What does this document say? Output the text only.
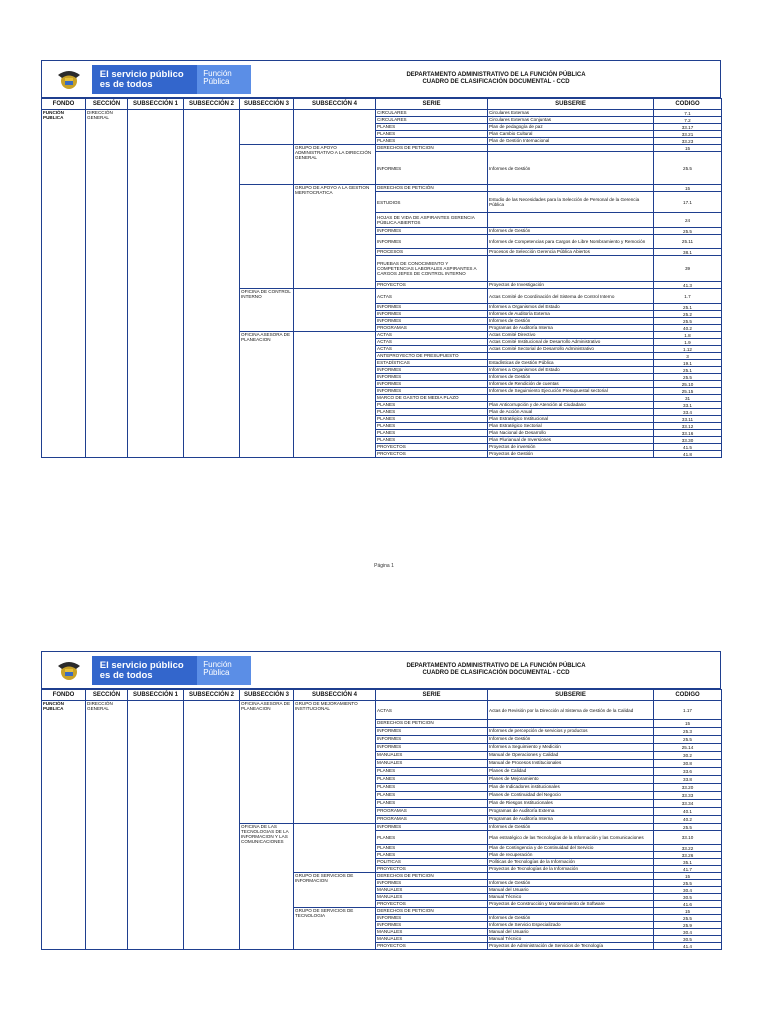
El servicio público
es de todos
Función
Pública
DEPARTAMENTO ADMINISTRATIVO DE LA FUNCIÓN PÚBLICA
CUADRO DE CLASIFICACIÓN DOCUMENTAL - CCD
FONDO	SECCIÓN	SUBSECCIÓN 1	SUBSECCIÓN 2	SUBSECCIÓN 3	SUBSECCIÓN 4	SERIE	SUBSERIE	CODIGO
FUNCIÓN PUBLICA	DIRECCIÓN GENERAL					CIRCULARES	Circulares Externas	7.1
						CIRCULARES	Circulares Externas Conjuntas	7.2
						PLANES	Plan de pedagogía de paz	33.17
						PLANES	Plan Cambio Cultural	33.21
						PLANES	Plan de Gestión Internacional	33.23
					GRUPO DE APOYO ADMINISTRATIVO A LA DIRECCIÓN GENERAL	DERECHOS DE PETICION		15
						INFORMES	Informes de Gestión	25.5
					GRUPO DE APOYO A LA GESTION MERITOCRATICA	DERECHOS DE PETICIÓN		15
						ESTUDIOS	Estudio de las Necesidades para la Selección de Personal de la Gerencia Pública	17.1
						HOJAS DE VIDA DE ASPIRANTES GERENCIA PÚBLICA ABIERTOS		24
						INFORMES	Informes de Gestión	25.5
						INFORMES	Informes de Competencias para Cargos de Libre Nombramiento y Remoción	25.11
						PROCESOS	Procesos de Selección Gerencia Pública Abiertos	38.1
						PRUEBAS DE CONOCIMIENTO Y COMPETENCIAS LABORALES ASPIRANTES A CARGOS JEFES DE CONTROL INTERNO		39
						PROYECTOS	Proyectos de Investigación	41.3
				OFICINA DE CONTROL INTERNO		ACTAS	Actas Comité de Coordinación del Sistema de Control Interno	1.7
						INFORMES	Informes a Organismos del Estado	25.1
						INFORMES	Informes de Auditoría Externa	25.2
						INFORMES	Informes de Gestión	25.5
						PROGRAMAS	Programas de Auditoría Interna	40.2
				OFICINA ASESORA DE PLANEACION		ACTAS	Actas Comité Directivo	1.8
						ACTAS	Actas Comité Institucional de Desarrollo Administrativo	1.9
						ACTAS	Actas Comité Sectorial de Desarrollo Administrativo	1.12
						ANTEPROYECTO DE PRESUPUESTO		3
						ESTADÍSTICAS	Estadísticas de Gestión Pública	19.1
						INFORMES	Informes a Organismos del Estado	25.1
						INFORMES	Informes de Gestión	25.5
						INFORMES	Informes de Rendición de cuentas	25.10
						INFORMES	Informes de Seguimiento Ejecución Presupuestal sectorial	25.15
						MARCO DE GASTO DE MEDIA PLAZO		31
						PLANES	Plan Anticorrupción y de Atención al Ciudadano	33.1
						PLANES	Plan de Acción Anual	33.4
						PLANES	Plan Estratégico Institucional	33.11
						PLANES	Plan Estratégico Sectorial	33.12
						PLANES	Plan Nacional de Desarrollo	33.16
						PLANES	Plan Plurianual de Inversiones	33.30
						PROYECTOS	Proyectos de inversión	41.5
						PROYECTOS	Proyectos de Gestión	41.8
Página 1
El servicio público
es de todos
Función
Pública
DEPARTAMENTO ADMINISTRATIVO DE LA FUNCIÓN PÚBLICA
CUADRO DE CLASIFICACIÓN DOCUMENTAL - CCD
FONDO	SECCIÓN	SUBSECCIÓN 1	SUBSECCIÓN 2	SUBSECCIÓN 3	SUBSECCIÓN 4	SERIE	SUBSERIE	CODIGO
FUNCIÓN PUBLICA	DIRECCIÓN GENERAL			OFICINA ASESORA DE PLANEACION	GRUPO DE MEJORAMIENTO INSTITUCIONAL	ACTAS	Actas de Revisión por la Dirección al Sistema de Gestión de la Calidad	1.17
						DERECHOS DE PETICION		15
						INFORMES	Informes de percepción de servicios y productos	25.3
						INFORMES	Informes de Gestión	25.5
						INFORMES	Informes a Seguimiento y Medición	25.14
						MANUALES	Manual de Operaciones y Calidad	30.2
						MANUALES	Manual de Procesos Institucionales	30.8
						PLANES	Planes de Calidad	33.6
						PLANES	Planes de Mejoramiento	33.8
						PLANES	Plan de Indicadores institucionales	33.20
						PLANES	Planes de Continuidad del Negocio	33.33
						PLANES	Plan de Riesgos Institucionales	33.34
						PROGRAMAS	Programas de Auditoría Externa	40.1
						PROGRAMAS	Programas de Auditoría Interna	40.2
				OFICINA DE LAS TECNOLOGIAS DE LA INFORMACION Y LAS COMUNICACIONES		INFORMES	Informes de Gestión	25.5
						PLANES	Plan estratégico de las Tecnologías de la Información y las Comunicaciones	33.10
						PLANES	Plan de Contingencia y de Continuidad del Servicio	33.22
						PLANES	Plan de recuperación	33.26
						POLITICAS	Políticas de Tecnologías de la Información	35.1
						PROYECTOS	Proyectos de Tecnologías de la Información	41.7
					GRUPO DE SERVICIOS DE INFORMACION	DERECHOS DE PETICION		15
						INFORMES	Informes de Gestión	25.5
						MANUALES	Manual del Usuario	30.4
						MANUALES	Manual Técnico	30.5
						PROYECTOS	Proyectos de Construcción y Mantenimiento de Software	41.6
					GRUPO DE SERVICIOS DE TECNOLOGIA	DERECHOS DE PETICION		15
						INFORMES	Informes de Gestión	25.5
						INFORMES	Informes de Servicio Especializado	25.9
						MANUALES	Manual del Usuario	30.4
						MANUALES	Manual Técnico	30.5
						PROYECTOS	Proyectos de Administración de Servicios de Tecnología	41.4
